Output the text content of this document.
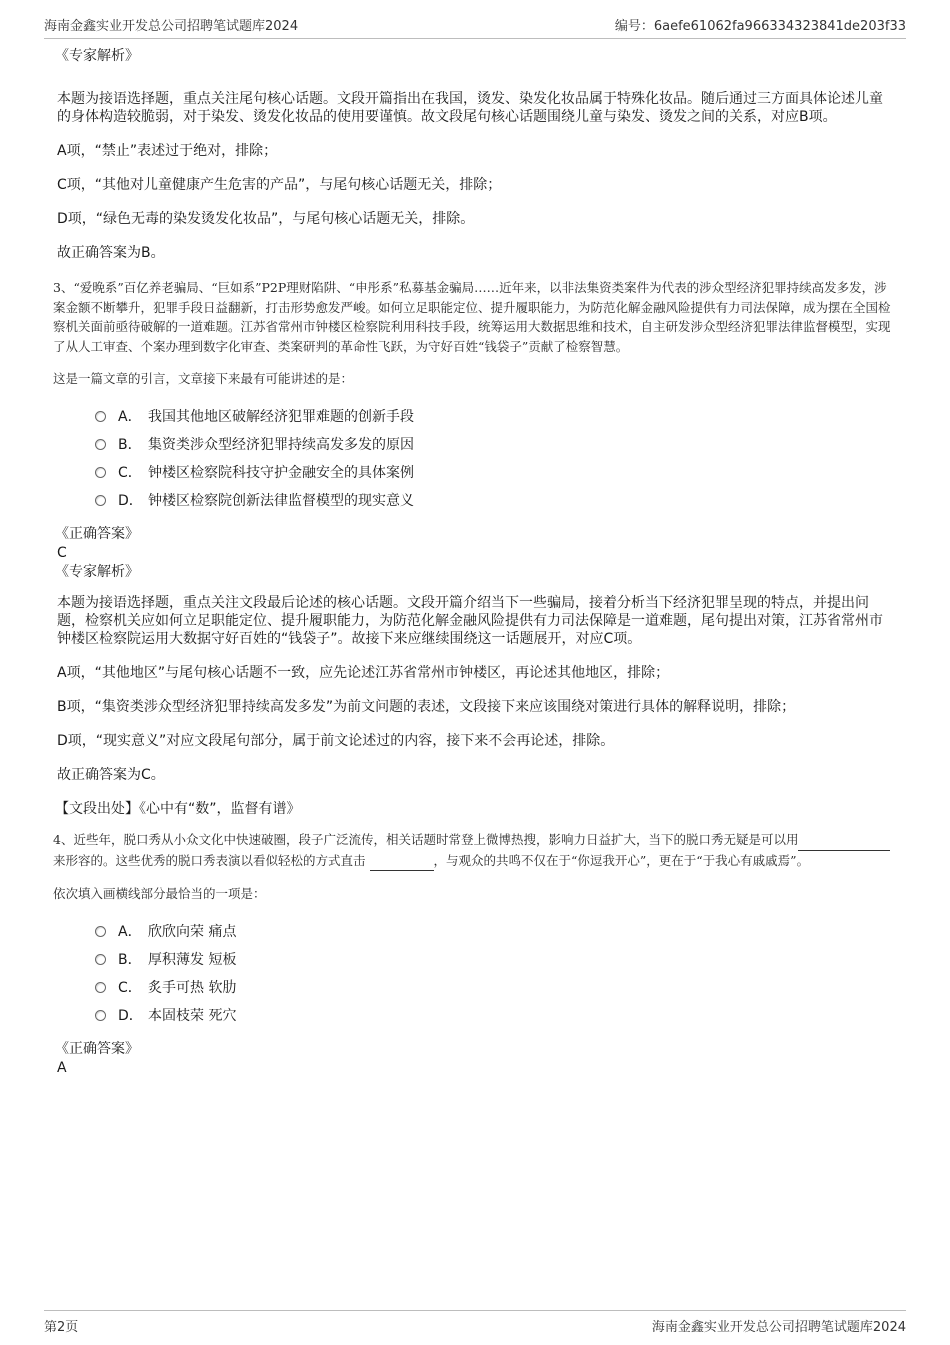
海南金鑫实业开发总公司招聘笔试题库2024	编号：6aefe61062fa966334323841de203f33

《专家解析》

本题为接语选择题，重点关注尾句核心话题。文段开篇指出在我国，烫发、染发化妆品属于特殊化妆品。随后通过三方面具体论述儿童的身体构造较脆弱，对于染发、烫发化妆品的使用要谨慎。故文段尾句核心话题围绕儿童与染发、烫发之间的关系，对应B项。

A项，“禁止”表述过于绝对，排除；

C项，“其他对儿童健康产生危害的产品”，与尾句核心话题无关，排除；

D项，“绿色无毒的染发烫发化妆品”，与尾句核心话题无关，排除。

故正确答案为B。

3、“爱晚系”百亿养老骗局、“巨如系”P2P理财陷阱、“申彤系”私募基金骗局……近年来，以非法集资类案件为代表的涉众型经济犯罪持续高发多发，涉案金额不断攀升，犯罪手段日益翻新，打击形势愈发严峻。如何立足职能定位、提升履职能力，为防范化解金融风险提供有力司法保障，成为摆在全国检察机关面前亟待破解的一道难题。江苏省常州市钟楼区检察院利用科技手段，统筹运用大数据思维和技术，自主研发涉众型经济犯罪法律监督模型，实现了从人工审查、个案办理到数字化审查、类案研判的革命性飞跃，为守好百姓“钱袋子”贡献了检察智慧。

这是一篇文章的引言，文章接下来最有可能讲述的是：

A． 我国其他地区破解经济犯罪难题的创新手段
B． 集资类涉众型经济犯罪持续高发多发的原因
C． 钟楼区检察院科技守护金融安全的具体案例
D． 钟楼区检察院创新法律监督模型的现实意义

《正确答案》

C

《专家解析》

本题为接语选择题，重点关注文段最后论述的核心话题。文段开篇介绍当下一些骗局，接着分析当下经济犯罪呈现的特点，并提出问题，检察机关应如何立足职能定位、提升履职能力，为防范化解金融风险提供有力司法保障是一道难题，尾句提出对策，江苏省常州市钟楼区检察院运用大数据守好百姓的“钱袋子”。故接下来应继续围绕这一话题展开，对应C项。

A项，“其他地区”与尾句核心话题不一致，应先论述江苏省常州市钟楼区，再论述其他地区，排除；

B项，“集资类涉众型经济犯罪持续高发多发”为前文问题的表述，文段接下来应该围绕对策进行具体的解释说明，排除；

D项，“现实意义”对应文段尾句部分，属于前文论述过的内容，接下来不会再论述，排除。

故正确答案为C。

【文段出处】《心中有“数”，监督有谱》

4、近些年，脱口秀从小众文化中快速破圈，段子广泛流传，相关话题时常登上微博热搜，影响力日益扩大，当下的脱口秀无疑是可以用来形容的。这些优秀的脱口秀表演以看似轻松的方式直击	，与观众的共鸣不仅在于“你逗我开心”，更在于“于我心有戚戚焉”。

依次填入画横线部分最恰当的一项是：

A． 欣欣向荣 痛点
B． 厚积薄发 短板
C． 炙手可热 软肋
D． 本固枝荣 死穴

《正确答案》

A

第2页	海南金鑫实业开发总公司招聘笔试题库2024
